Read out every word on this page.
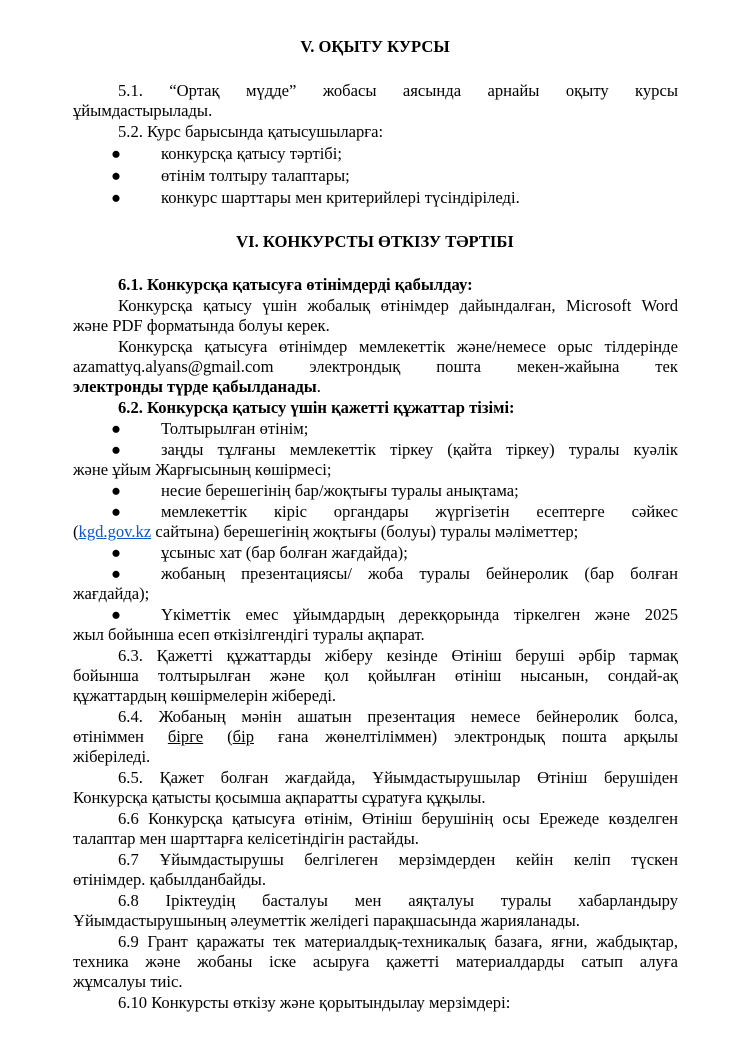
V. ОҚЫТУ КУРСЫ
5.1. “Ортақ мүдде” жобасы аясында арнайы оқыту курсы
ұйымдастырылады.
5.2. Курс барысында қатысушыларға:
● конкурсқа қатысу тәртібі;
● өтінім толтыру талаптары;
● конкурс шарттары мен критерийлері түсіндіріледі.
VI. КОНКУРСТЫ ӨТКІЗУ ТӘРТІБІ
6.1. Конкурсқа қатысуға өтінімдерді қабылдау:
Конкурсқа қатысу үшін жобалық өтінімдер дайындалған, Microsoft Word
және PDF форматында болуы керек.
Конкурсқа қатысуға өтінімдер мемлекеттік және/немесе орыс тілдерінде
azamattyq.alyans@gmail.com электрондық пошта мекен-жайына тек
электронды түрде қабылданады.
6.2. Конкурсқа қатысу үшін қажетті құжаттар тізімі:
● Толтырылған өтінім;
● заңды тұлғаны мемлекеттік тіркеу (қайта тіркеу) туралы куәлік
және ұйым Жарғысының көшірмесі;
● несие берешегінің бар/жоқтығы туралы анықтама;
● мемлекеттік кіріс органдары жүргізетін есептерге сәйкес
(kgd.gov.kz сайтына) берешегінің жоқтығы (болуы) туралы мәліметтер;
● ұсыныс хат (бар болған жағдайда);
● жобаның презентациясы/ жоба туралы бейнеролик (бар болған
жағдайда);
● Үкіметтік емес ұйымдардың дерекқорында тіркелген және 2025
жыл бойынша есеп өткізілгендігі туралы ақпарат.
6.3. Қажетті құжаттарды жіберу кезінде Өтініш беруші әрбір тармақ
бойынша толтырылған және қол қойылған өтініш нысанын, сондай-ақ
құжаттардың көшірмелерін жібереді.
6.4. Жобаның мәнін ашатын презентация немесе бейнеролик болса,
өтініммен бірге (бір ғана жөнелтіліммен) электрондық пошта арқылы
жіберіледі.
6.5. Қажет болған жағдайда, Ұйымдастырушылар Өтініш берушіден
Конкурсқа қатысты қосымша ақпаратты сұратуға құқылы.
6.6 Конкурсқа қатысуға өтінім, Өтініш берушінің осы Ережеде көзделген
талаптар мен шарттарға келісетіндігін растайды.
6.7 Ұйымдастырушы белгілеген мерзімдерден кейін келіп түскен
өтінімдер. қабылданбайды.
6.8 Іріктеудің басталуы мен аяқталуы туралы хабарландыру
Ұйымдастырушының әлеуметтік желідегі парақшасында жарияланады.
6.9 Грант қаражаты тек материалдық-техникалық базаға, яғни, жабдықтар,
техника және жобаны іске асыруға қажетті материалдарды сатып алуға
жұмсалуы тиіс.
6.10 Конкурсты өткізу және қорытындылау мерзімдері:
